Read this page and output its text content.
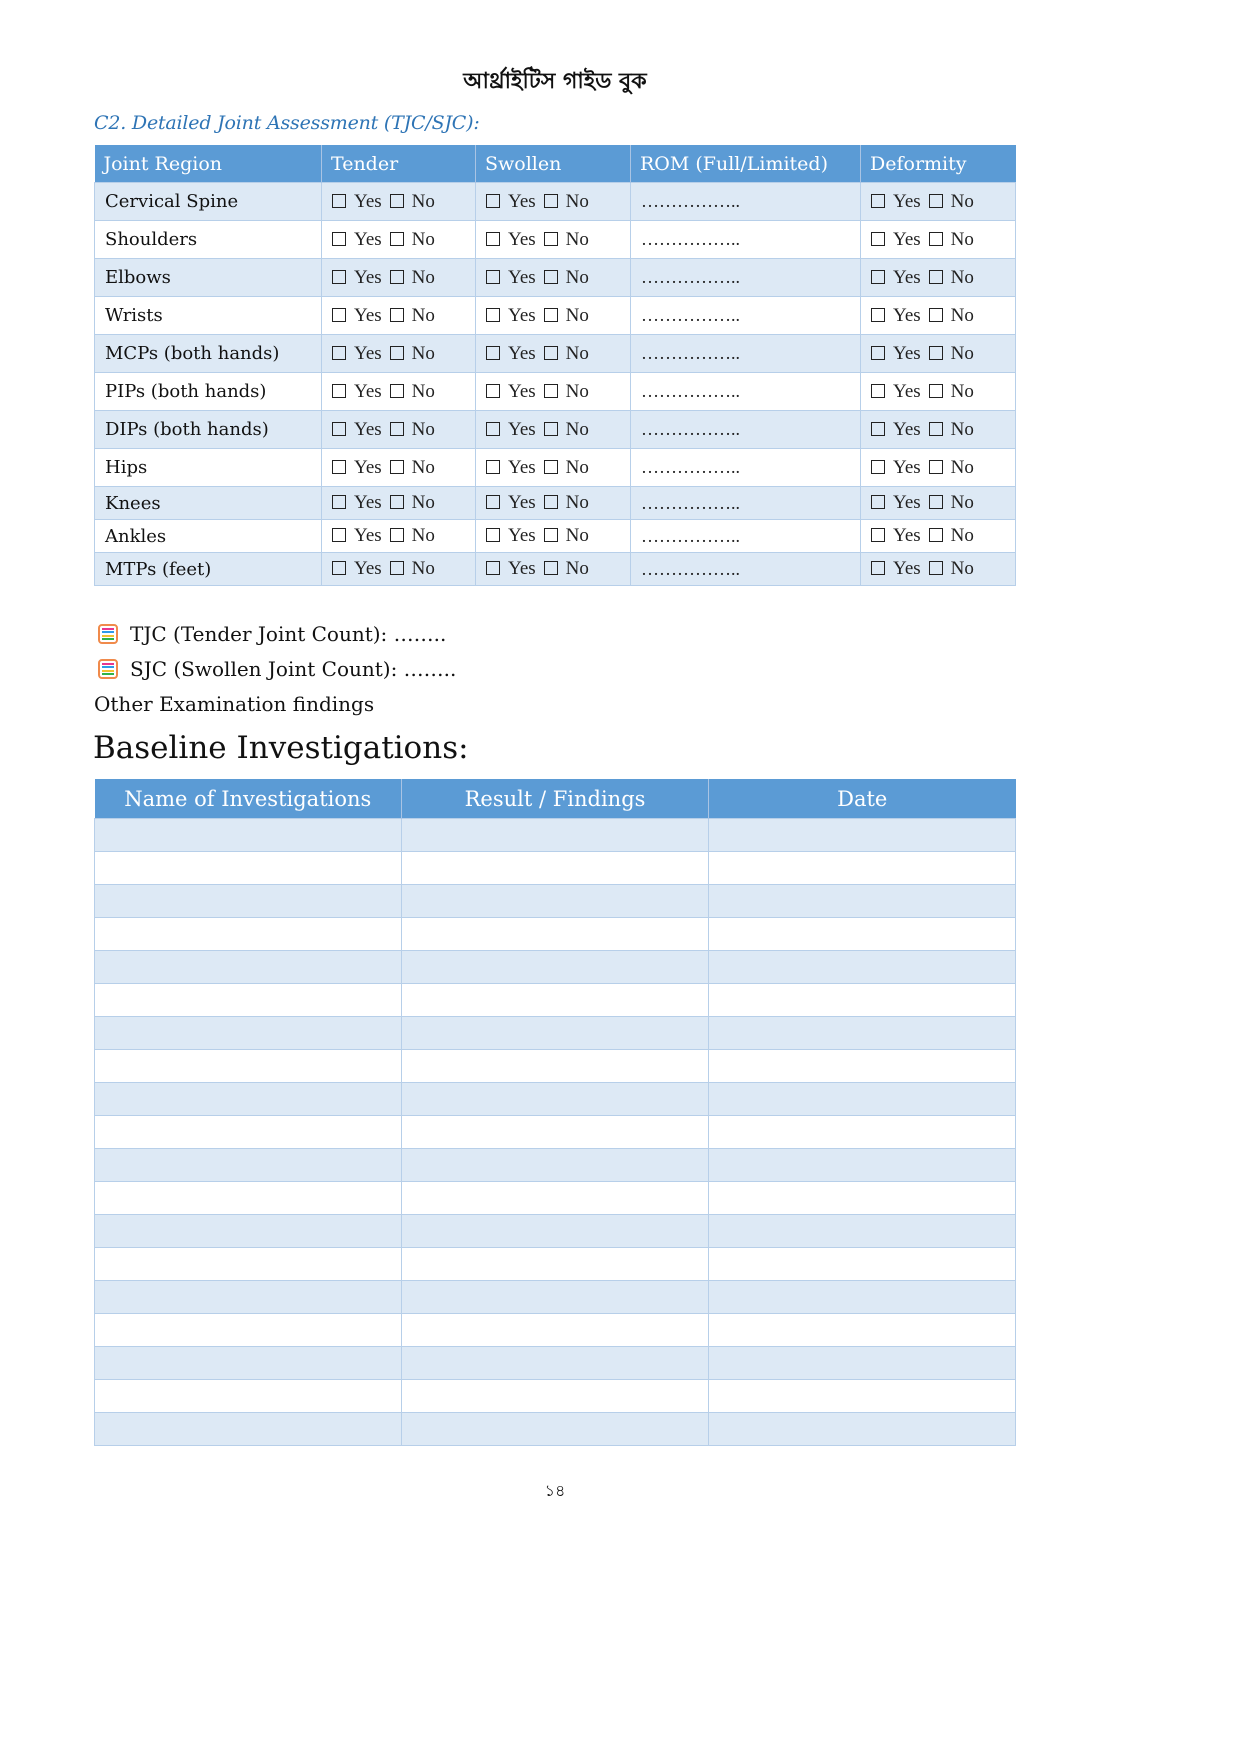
আর্থ্রাইটিস গাইড বুক
C2. Detailed Joint Assessment (TJC/SJC):
Joint Region	Tender	Swollen	ROM (Full/Limited)	Deformity
Cervical Spine	Yes No	Yes No	……………..	Yes No
Shoulders	Yes No	Yes No	……………..	Yes No
Elbows	Yes No	Yes No	……………..	Yes No
Wrists	Yes No	Yes No	……………..	Yes No
MCPs (both hands)	Yes No	Yes No	……………..	Yes No
PIPs (both hands)	Yes No	Yes No	……………..	Yes No
DIPs (both hands)	Yes No	Yes No	……………..	Yes No
Hips	Yes No	Yes No	……………..	Yes No
Knees	Yes No	Yes No	……………..	Yes No
Ankles	Yes No	Yes No	……………..	Yes No
MTPs (feet)	Yes No	Yes No	……………..	Yes No
TJC (Tender Joint Count): ……..
SJC (Swollen Joint Count): ……..
Other Examination findings
Baseline Investigations:
Name of Investigations	Result / Findings	Date

১৪
